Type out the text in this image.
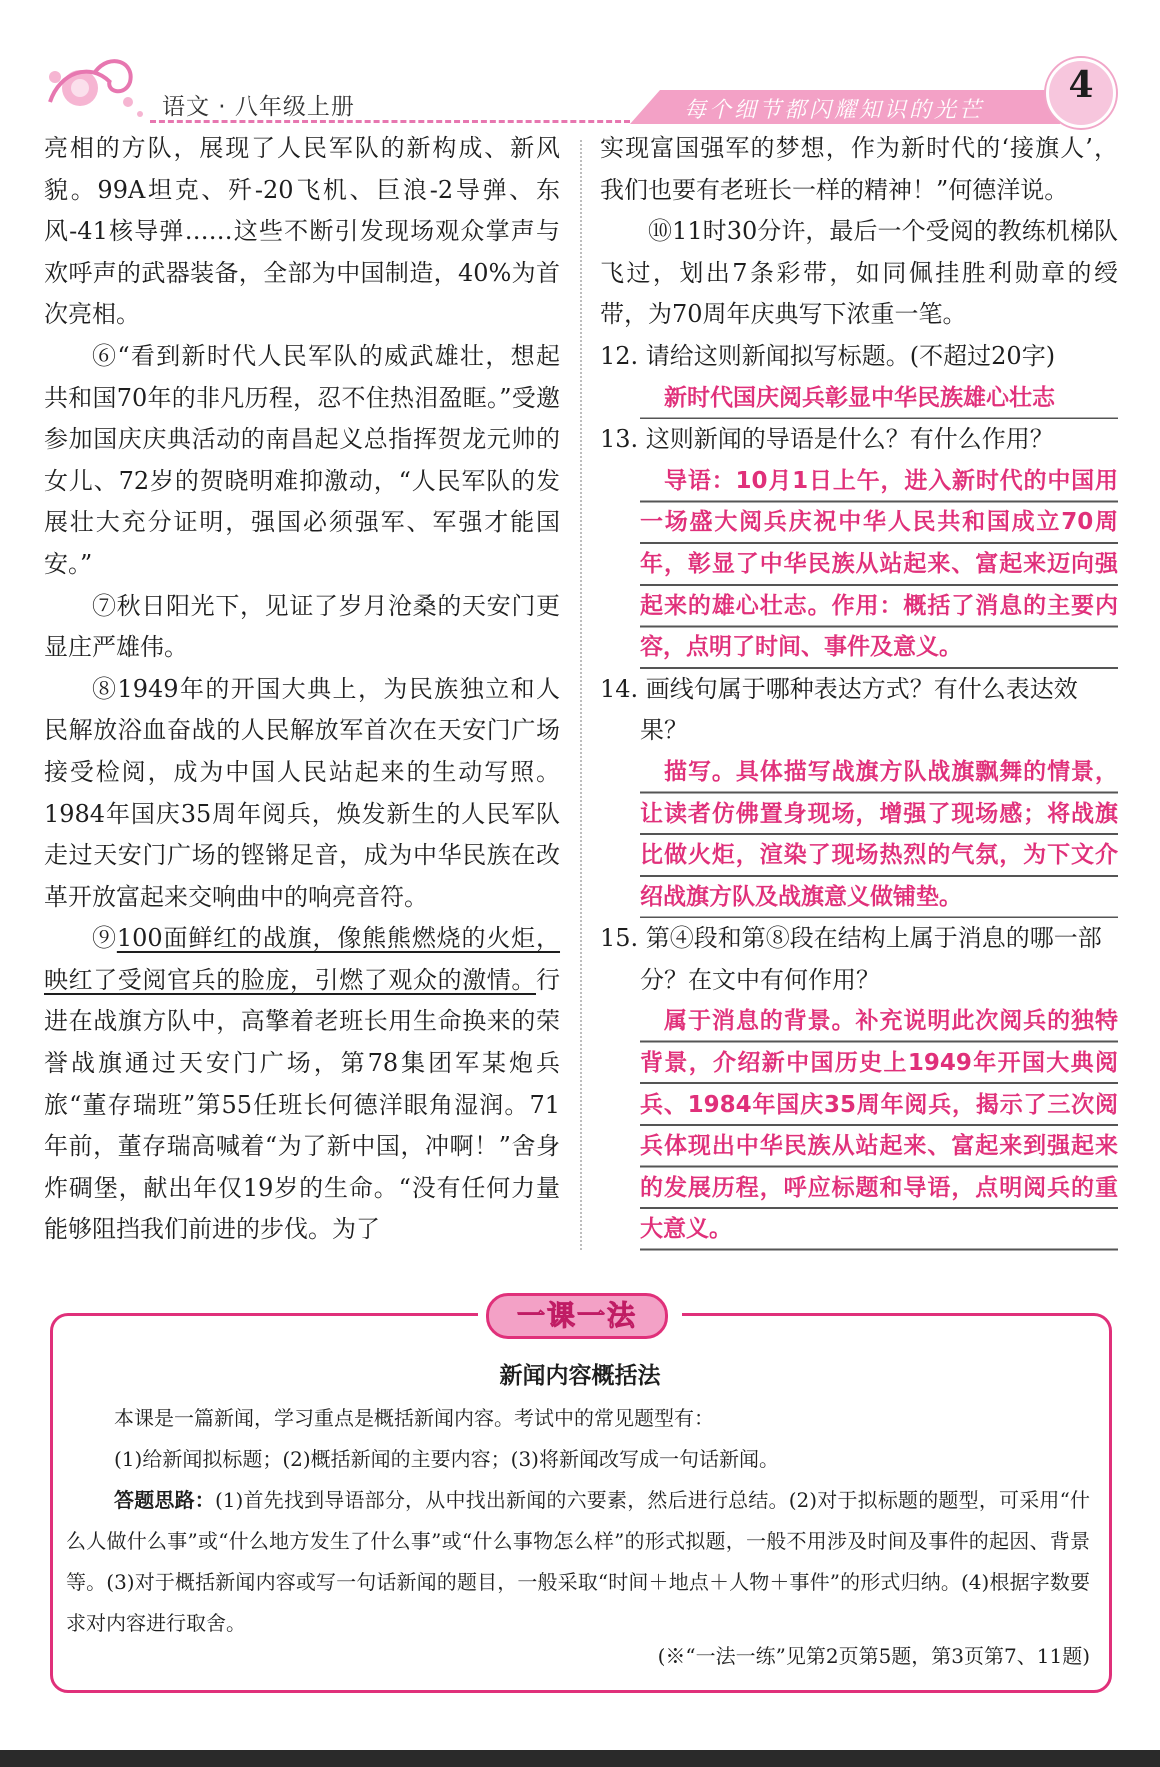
语文 · 八年级上册	每个细节都闪耀知识的光芒
4

亮相的方队，展现了人民军队的新构成、新风貌。99A坦克、歼-20飞机、巨浪-2导弹、东风-41核导弹……这些不断引发现场观众掌声与欢呼声的武器装备，全部为中国制造，40%为首次亮相。

⑥“看到新时代人民军队的威武雄壮，想起共和国70年的非凡历程，忍不住热泪盈眶。”受邀参加国庆庆典活动的南昌起义总指挥贺龙元帅的女儿、72岁的贺晓明难抑激动，“人民军队的发展壮大充分证明，强国必须强军、军强才能国安。”

⑦秋日阳光下，见证了岁月沧桑的天安门更显庄严雄伟。

⑧1949年的开国大典上，为民族独立和人民解放浴血奋战的人民解放军首次在天安门广场接受检阅，成为中国人民站起来的生动写照。1984年国庆35周年阅兵，焕发新生的人民军队走过天安门广场的铿锵足音，成为中华民族在改革开放富起来交响曲中的响亮音符。

⑨100面鲜红的战旗，像熊熊燃烧的火炬，映红了受阅官兵的脸庞，引燃了观众的激情。行进在战旗方队中，高擎着老班长用生命换来的荣誉战旗通过天安门广场，第78集团军某炮兵旅“董存瑞班”第55任班长何德洋眼角湿润。71年前，董存瑞高喊着“为了新中国，冲啊！”舍身炸碉堡，献出年仅19岁的生命。“没有任何力量能够阻挡我们前进的步伐。为了

实现富国强军的梦想，作为新时代的‘接旗人’，我们也要有老班长一样的精神！”何德洋说。

⑩11时30分许，最后一个受阅的教练机梯队飞过，划出7条彩带，如同佩挂胜利勋章的绶带，为70周年庆典写下浓重一笔。

12. 请给这则新闻拟写标题。(不超过20字)

新时代国庆阅兵彰显中华民族雄心壮志

13. 这则新闻的导语是什么？有什么作用？

导语：10月1日上午，进入新时代的中国用一场盛大阅兵庆祝中华人民共和国成立70周年，彰显了中华民族从站起来、富起来迈向强起来的雄心壮志。作用：概括了消息的主要内容，点明了时间、事件及意义。

14. 画线句属于哪种表达方式？有什么表达效果？

描写。具体描写战旗方队战旗飘舞的情景，让读者仿佛置身现场，增强了现场感；将战旗比做火炬，渲染了现场热烈的气氛，为下文介绍战旗方队及战旗意义做铺垫。

15. 第④段和第⑧段在结构上属于消息的哪一部分？在文中有何作用？

属于消息的背景。补充说明此次阅兵的独特背景，介绍新中国历史上1949年开国大典阅兵、1984年国庆35周年阅兵，揭示了三次阅兵体现出中华民族从站起来、富起来到强起来的发展历程，呼应标题和导语，点明阅兵的重大意义。

一课一法
新闻内容概括法

本课是一篇新闻，学习重点是概括新闻内容。考试中的常见题型有：

(1)给新闻拟标题；(2)概括新闻的主要内容；(3)将新闻改写成一句话新闻。

答题思路：(1)首先找到导语部分，从中找出新闻的六要素，然后进行总结。(2)对于拟标题的题型，可采用“什么人做什么事”或“什么地方发生了什么事”或“什么事物怎么样”的形式拟题，一般不用涉及时间及事件的起因、背景等。(3)对于概括新闻内容或写一句话新闻的题目，一般采取“时间＋地点＋人物＋事件”的形式归纳。(4)根据字数要求对内容进行取舍。

(※“一法一练”见第2页第5题，第3页第7、11题)
